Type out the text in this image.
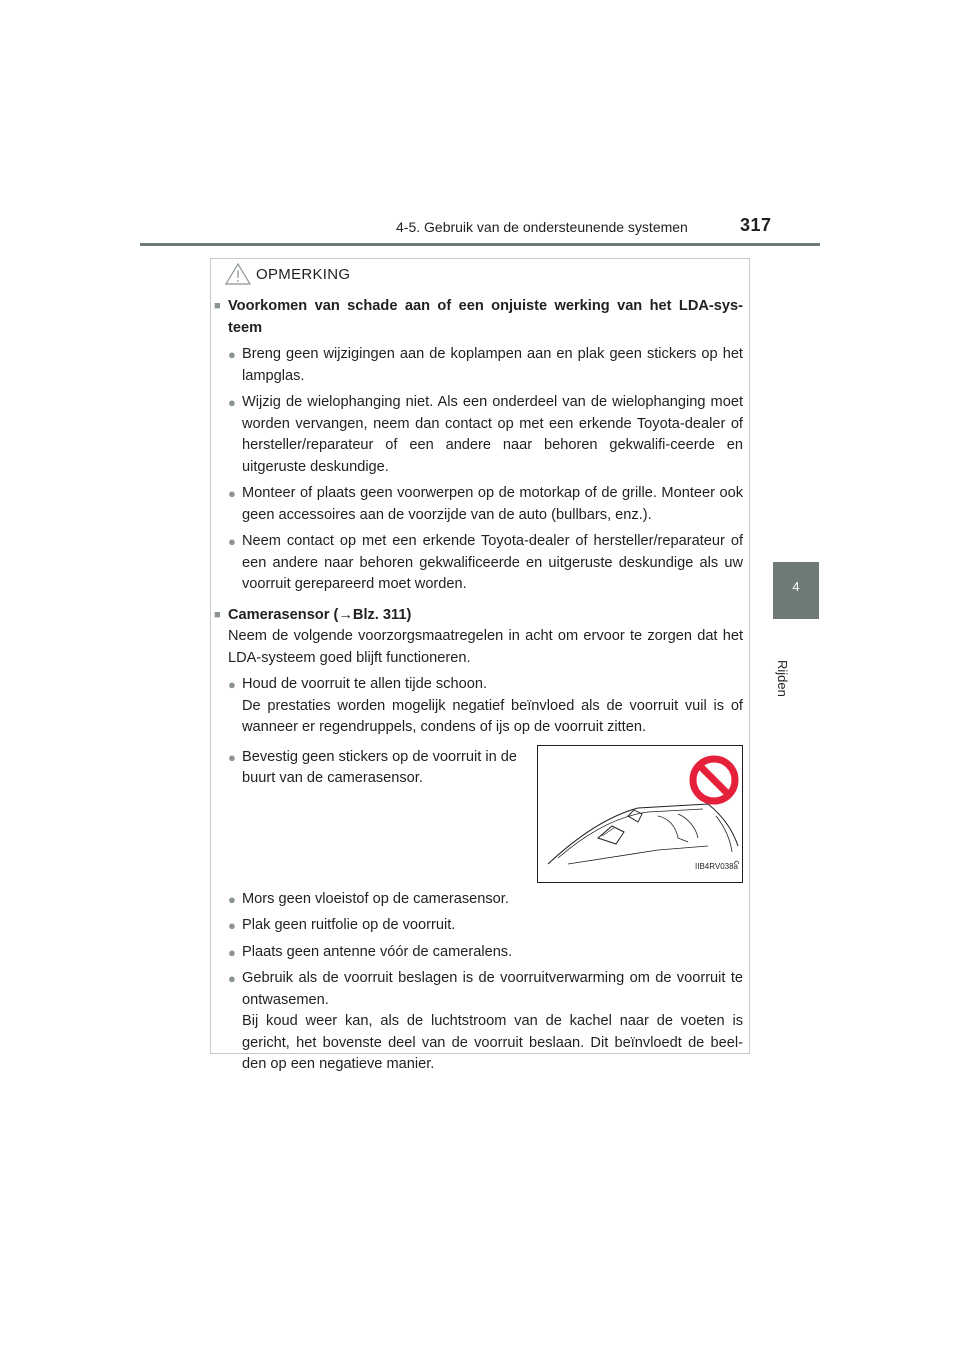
4-5. Gebruik van de ondersteunende systemen	317
4
Rijden
OPMERKING
■ Voorkomen van schade aan of een onjuiste werking van het LDA-sys-teem
● Breng geen wijzigingen aan de koplampen aan en plak geen stickers op het lampglas.
● Wijzig de wielophanging niet. Als een onderdeel van de wielophanging moet worden vervangen, neem dan contact op met een erkende Toyota-dealer of hersteller/reparateur of een andere naar behoren gekwalifi-ceerde en uitgeruste deskundige.
● Monteer of plaats geen voorwerpen op de motorkap of de grille. Monteer ook geen accessoires aan de voorzijde van de auto (bullbars, enz.).
● Neem contact op met een erkende Toyota-dealer of hersteller/reparateur of een andere naar behoren gekwalificeerde en uitgeruste deskundige als uw voorruit gerepareerd moet worden.
■ Camerasensor (→Blz. 311)
Neem de volgende voorzorgsmaatregelen in acht om ervoor te zorgen dat het LDA-systeem goed blijft functioneren.
● Houd de voorruit te allen tijde schoon.
De prestaties worden mogelijk negatief beïnvloed als de voorruit vuil is of wanneer er regendruppels, condens of ijs op de voorruit zitten.
● Bevestig geen stickers op de voorruit in de buurt van de camerasensor.
IIB4RV038a
● Mors geen vloeistof op de camerasensor.
● Plak geen ruitfolie op de voorruit.
● Plaats geen antenne vóór de cameralens.
● Gebruik als de voorruit beslagen is de voorruitverwarming om de voorruit te ontwasemen.
Bij koud weer kan, als de luchtstroom van de kachel naar de voeten is gericht, het bovenste deel van de voorruit beslaan. Dit beïnvloedt de beel-den op een negatieve manier.
